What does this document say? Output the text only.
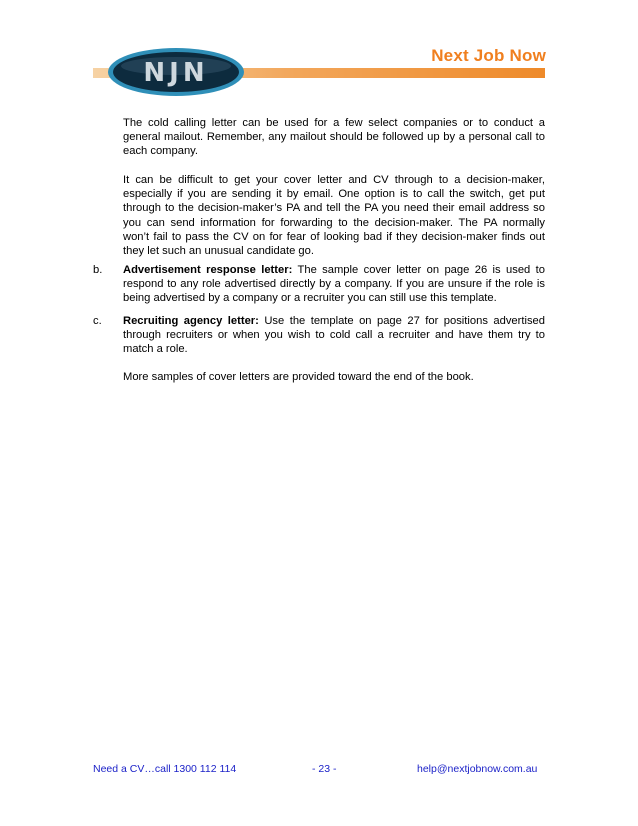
NJN
Next Job Now

The cold calling letter can be used for a few select companies or to conduct a general mailout. Remember, any mailout should be followed up by a personal call to each company.

It can be difficult to get your cover letter and CV through to a decision-maker, especially if you are sending it by email. One option is to call the switch, get put through to the decision-maker’s PA and tell the PA you need their email address so you can send information for forwarding to the decision-maker. The PA normally won’t fail to pass the CV on for fear of looking bad if they decision-maker finds out they let such an unusual candidate go.

b. Advertisement response letter: The sample cover letter on page 26 is used to respond to any role advertised directly by a company. If you are unsure if the role is being advertised by a company or a recruiter you can still use this template.

c. Recruiting agency letter: Use the template on page 27 for positions advertised through recruiters or when you wish to cold call a recruiter and have them try to match a role.

More samples of cover letters are provided toward the end of the book.

Need a CV…call 1300 112 114	- 23 -	help@nextjobnow.com.au
